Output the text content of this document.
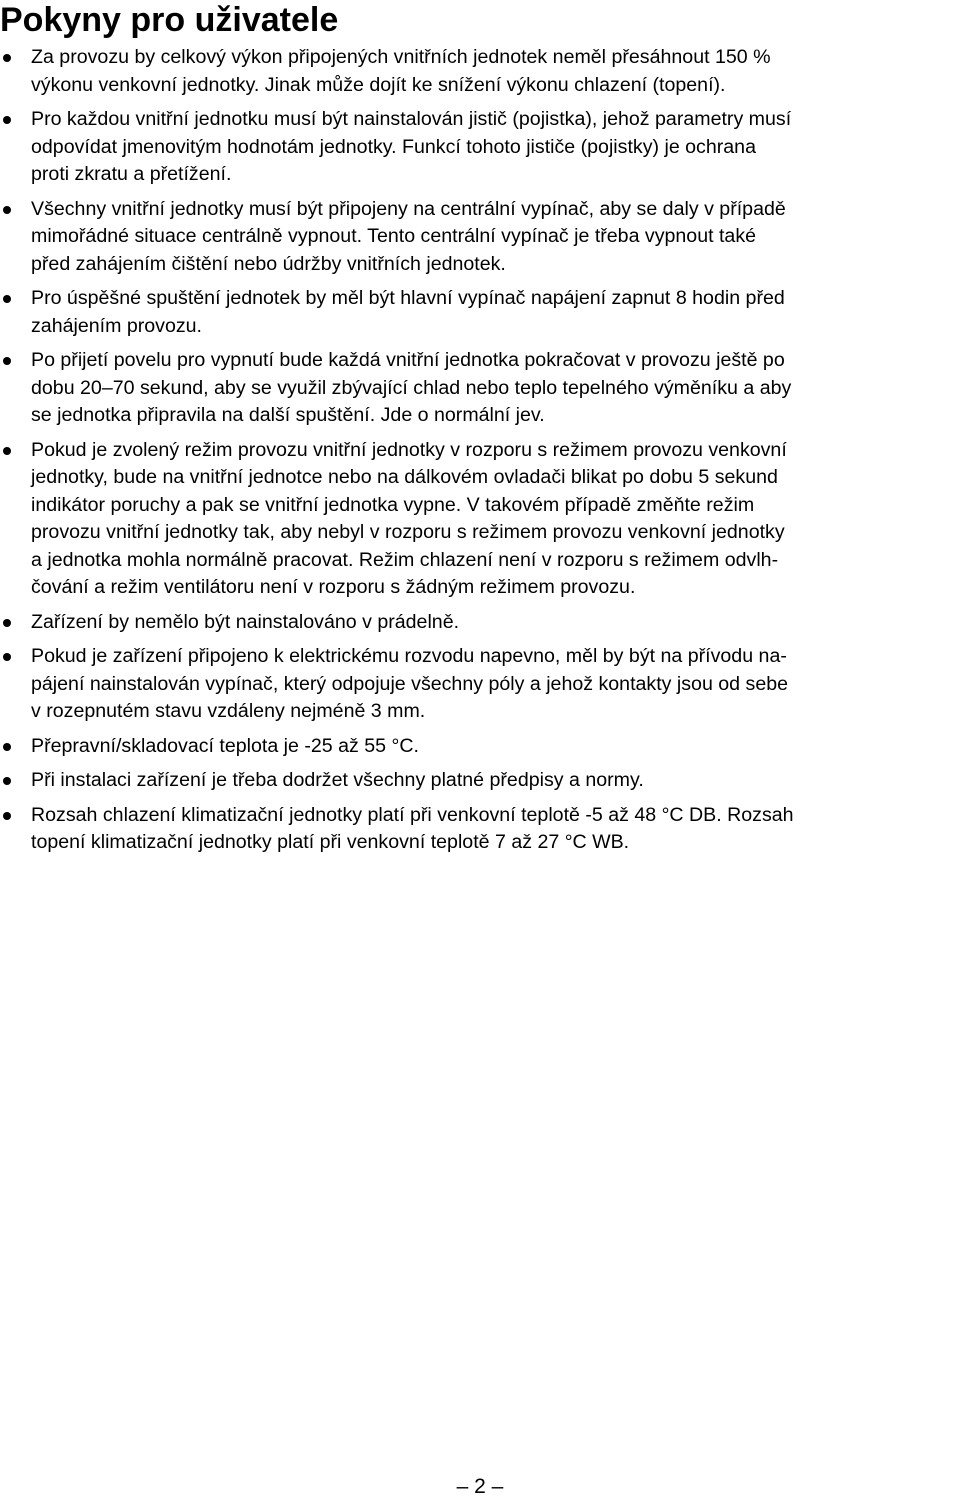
Pokyny pro uživatele
Za provozu by celkový výkon připojených vnitřních jednotek neměl přesáhnout 150 %
výkonu venkovní jednotky. Jinak může dojít ke snížení výkonu chlazení (topení).
Pro každou vnitřní jednotku musí být nainstalován jistič (pojistka), jehož parametry musí
odpovídat jmenovitým hodnotám jednotky. Funkcí tohoto jističe (pojistky) je ochrana
proti zkratu a přetížení.
Všechny vnitřní jednotky musí být připojeny na centrální vypínač, aby se daly v případě
mimořádné situace centrálně vypnout. Tento centrální vypínač je třeba vypnout také
před zahájením čištění nebo údržby vnitřních jednotek.
Pro úspěšné spuštění jednotek by měl být hlavní vypínač napájení zapnut 8 hodin před
zahájením provozu.
Po přijetí povelu pro vypnutí bude každá vnitřní jednotka pokračovat v provozu ještě po
dobu 20–70 sekund, aby se využil zbývající chlad nebo teplo tepelného výměníku a aby
se jednotka připravila na další spuštění. Jde o normální jev.
Pokud je zvolený režim provozu vnitřní jednotky v rozporu s režimem provozu venkovní
jednotky, bude na vnitřní jednotce nebo na dálkovém ovladači blikat po dobu 5 sekund
indikátor poruchy a pak se vnitřní jednotka vypne. V takovém případě změňte režim
provozu vnitřní jednotky tak, aby nebyl v rozporu s režimem provozu venkovní jednotky
a jednotka mohla normálně pracovat. Režim chlazení není v rozporu s režimem odvlh-
čování a režim ventilátoru není v rozporu s žádným režimem provozu.
Zařízení by nemělo být nainstalováno v prádelně.
Pokud je zařízení připojeno k elektrickému rozvodu napevno, měl by být na přívodu na-
pájení nainstalován vypínač, který odpojuje všechny póly a jehož kontakty jsou od sebe
v rozepnutém stavu vzdáleny nejméně 3 mm.
Přepravní/skladovací teplota je -25 až 55 °C.
Při instalaci zařízení je třeba dodržet všechny platné předpisy a normy.
Rozsah chlazení klimatizační jednotky platí při venkovní teplotě -5 až 48 °C DB. Rozsah
topení klimatizační jednotky platí při venkovní teplotě 7 až 27 °C WB.
– 2 –
